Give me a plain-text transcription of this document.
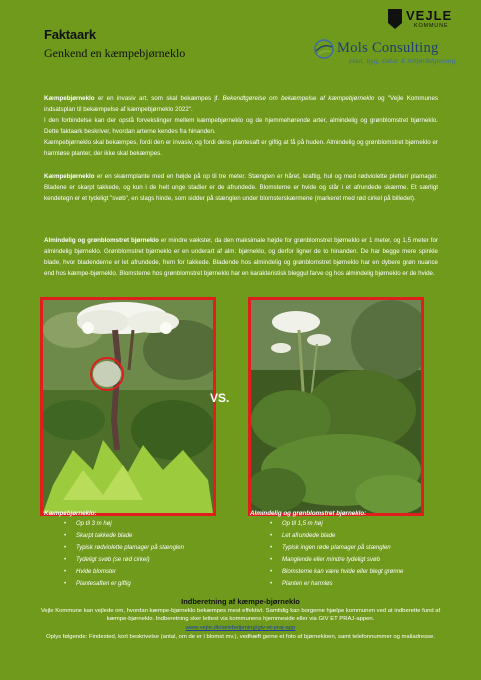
Faktaark
Genkend en kæmpebjørneklo
VEJLE
KOMMUNE
Mols Consulting
plan, byg, natur & miljørådgivning
Kæmpebjørneklo er en invasiv art, som skal bekæmpes jf. Bekendtgørelse om bekæmpelse af kæmpebjørneklo og "Vejle Kommunes indsatsplan til bekæmpelse af kæmpebjørneklo 2022".
I den forbindelse kan der opstå forvekslinger mellem kæmpebjørneklo og de hjemmehørende arter, almindelig og grønblomstret bjørneklo. Dette faktaark beskriver, hvordan arterne kendes fra hinanden.
Kæmpebjørneklo skal bekæmpes, fordi den er invasiv, og fordi dens plantesaft er giftig at få på huden. Almindelig og grønblomstret bjørneklo er harmløse planter, der ikke skal bekæmpes.
Kæmpebjørneklo er en skærmplante med en højde på op til tre meter. Stænglen er håret, kraftig, hul og med rødviolette pletter/ plamager. Bladene er skarpt takkede, og kun i de helt unge stadier er de afrundede. Blomsterne er hvide og står i et afrundede skærme. Et særligt kendetegn er et tydeligt "svøb", en slags hinde, som sidder på stænglen under blomsterskærmene (markeret med rød cirkel på billedet).
Almindelig og grønblomstret bjørneklo er mindre vækster, da den maksimale højde for grønblomstret bjørneklo er 1 meter, og 1,5 meter for almindelig bjørneklo. Grønblomstret bjørneklo er en underart af alm. bjørneklo, og derfor ligner de to hinanden. De har begge mere spinkle blade, hvor bladenderne er let afrundede, frem for takkede. Bladende hos almindelig og grønblomstret bjørneklo har en dybere grøn nuance end hos kæmpe-bjørneklo. Blomsterne hos grønblomstret bjørneklo har en karakteristisk bleggul farve og hos almindelig bjørneklo er de hvide.
VS.
Kæmpebjørneklo:
• Op til 3 m høj
• Skarpt takkede blade
• Typisk rødviolette plamager på stænglen
• Tydeligt svøb (se rød cirkel)
• Hvide blomster
• Plantesaften er giftig
Almindelig og grønblomstret bjørneklo:
• Op til 1,5 m høj
• Let afrundede blade
• Typisk ingen røde plamager på stænglen
• Manglende eller mindre tydeligt svøb
• Blomsterne kan være hvide eller blegt grønne
• Planten er harmløs
Indberetning af kæmpe-bjørneklo
Vejle Kommune kan vejlede om, hvordan kæmpe-bjørneklo bekæmpes mest effektivt. Samtidig kan borgerne hjælpe kommunen ved at indberette fund af kæmpe-bjørneklo. Indberetning sker lettest via kommunens hjemmeside eller via GIV ET PRAJ-appen.
www.vejle.dk/selvbetjening/giv-et-praj-app
Oplys følgende: Findested, kort beskrivelse (antal, om de er i blomst mv.), vedhæft gerne et foto af bjørnekloen, samt telefonnummer og mailadresse.
